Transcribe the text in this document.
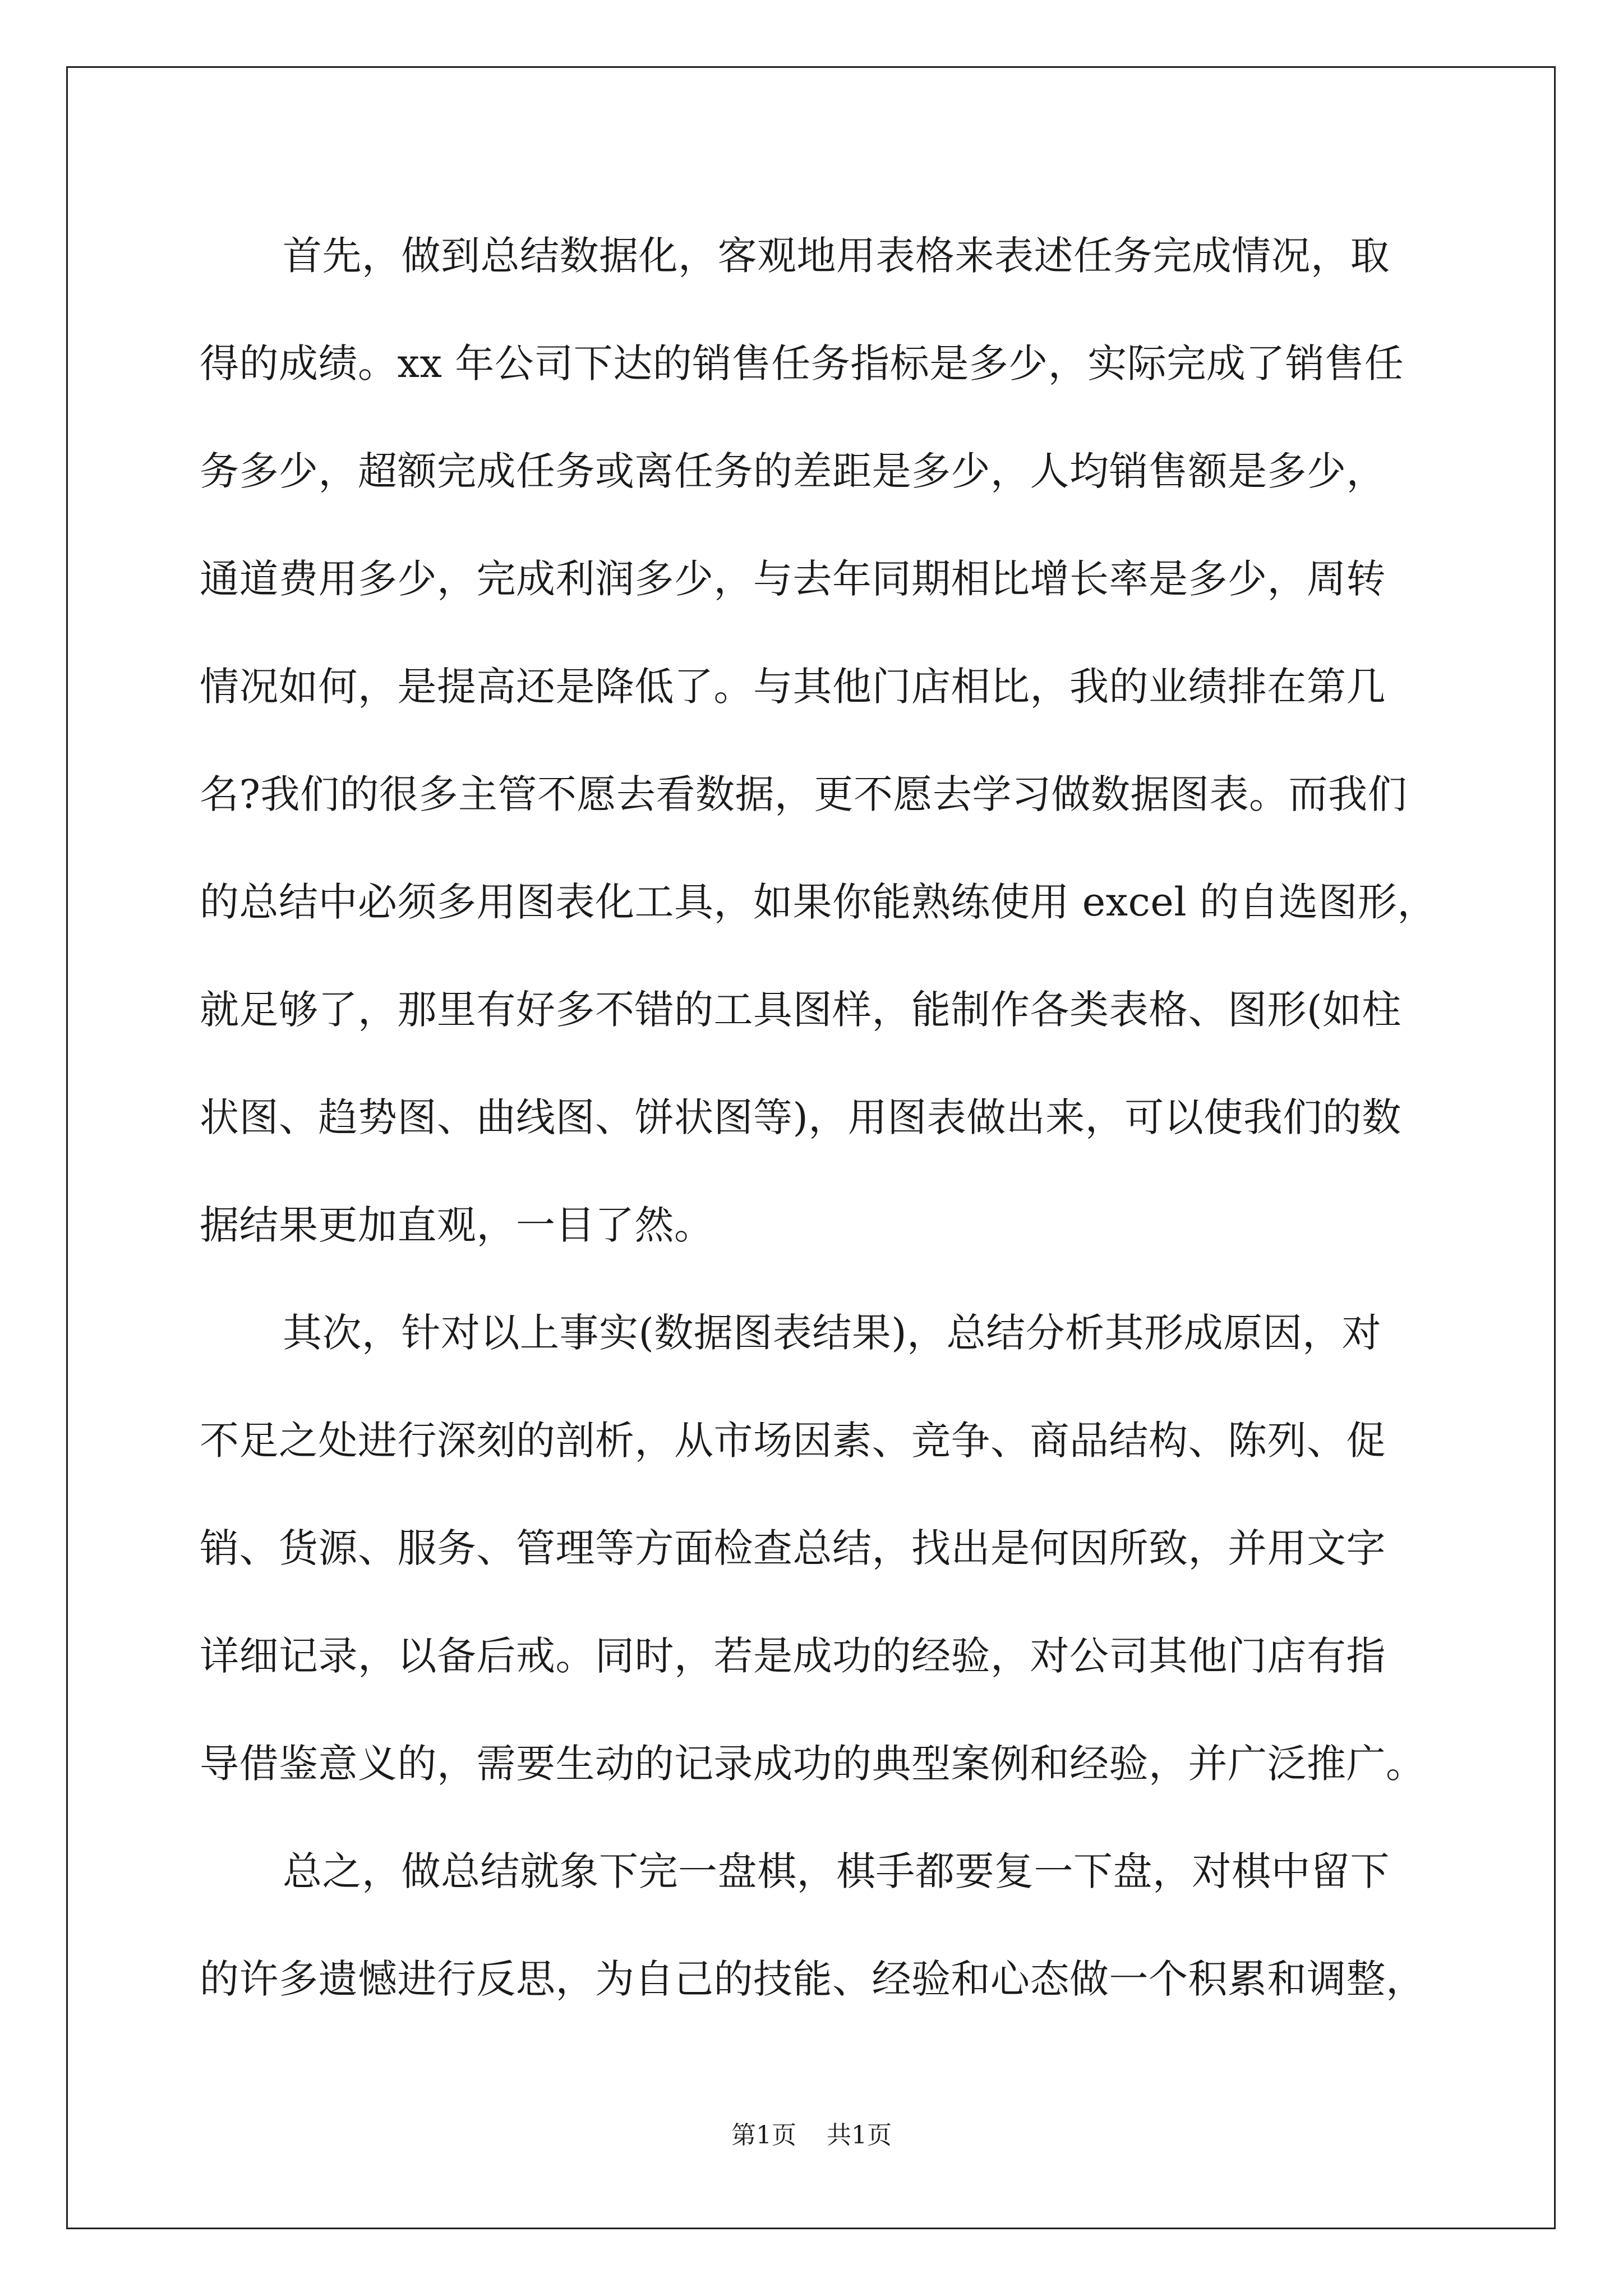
首先，做到总结数据化，客观地用表格来表述任务完成情况，取
得的成绩。xx 年公司下达的销售任务指标是多少，实际完成了销售任
务多少，超额完成任务或离任务的差距是多少，人均销售额是多少，
通道费用多少，完成利润多少，与去年同期相比增长率是多少，周转
情况如何，是提高还是降低了。与其他门店相比，我的业绩排在第几
名?我们的很多主管不愿去看数据，更不愿去学习做数据图表。而我们
的总结中必须多用图表化工具，如果你能熟练使用 excel 的自选图形，
就足够了，那里有好多不错的工具图样，能制作各类表格、图形(如柱
状图、趋势图、曲线图、饼状图等)，用图表做出来，可以使我们的数
据结果更加直观，一目了然。
其次，针对以上事实(数据图表结果)，总结分析其形成原因，对
不足之处进行深刻的剖析，从市场因素、竞争、商品结构、陈列、促
销、货源、服务、管理等方面检查总结，找出是何因所致，并用文字
详细记录，以备后戒。同时，若是成功的经验，对公司其他门店有指
导借鉴意义的，需要生动的记录成功的典型案例和经验，并广泛推广。
总之，做总结就象下完一盘棋，棋手都要复一下盘，对棋中留下
的许多遗憾进行反思，为自己的技能、经验和心态做一个积累和调整，
第1页 共1页
